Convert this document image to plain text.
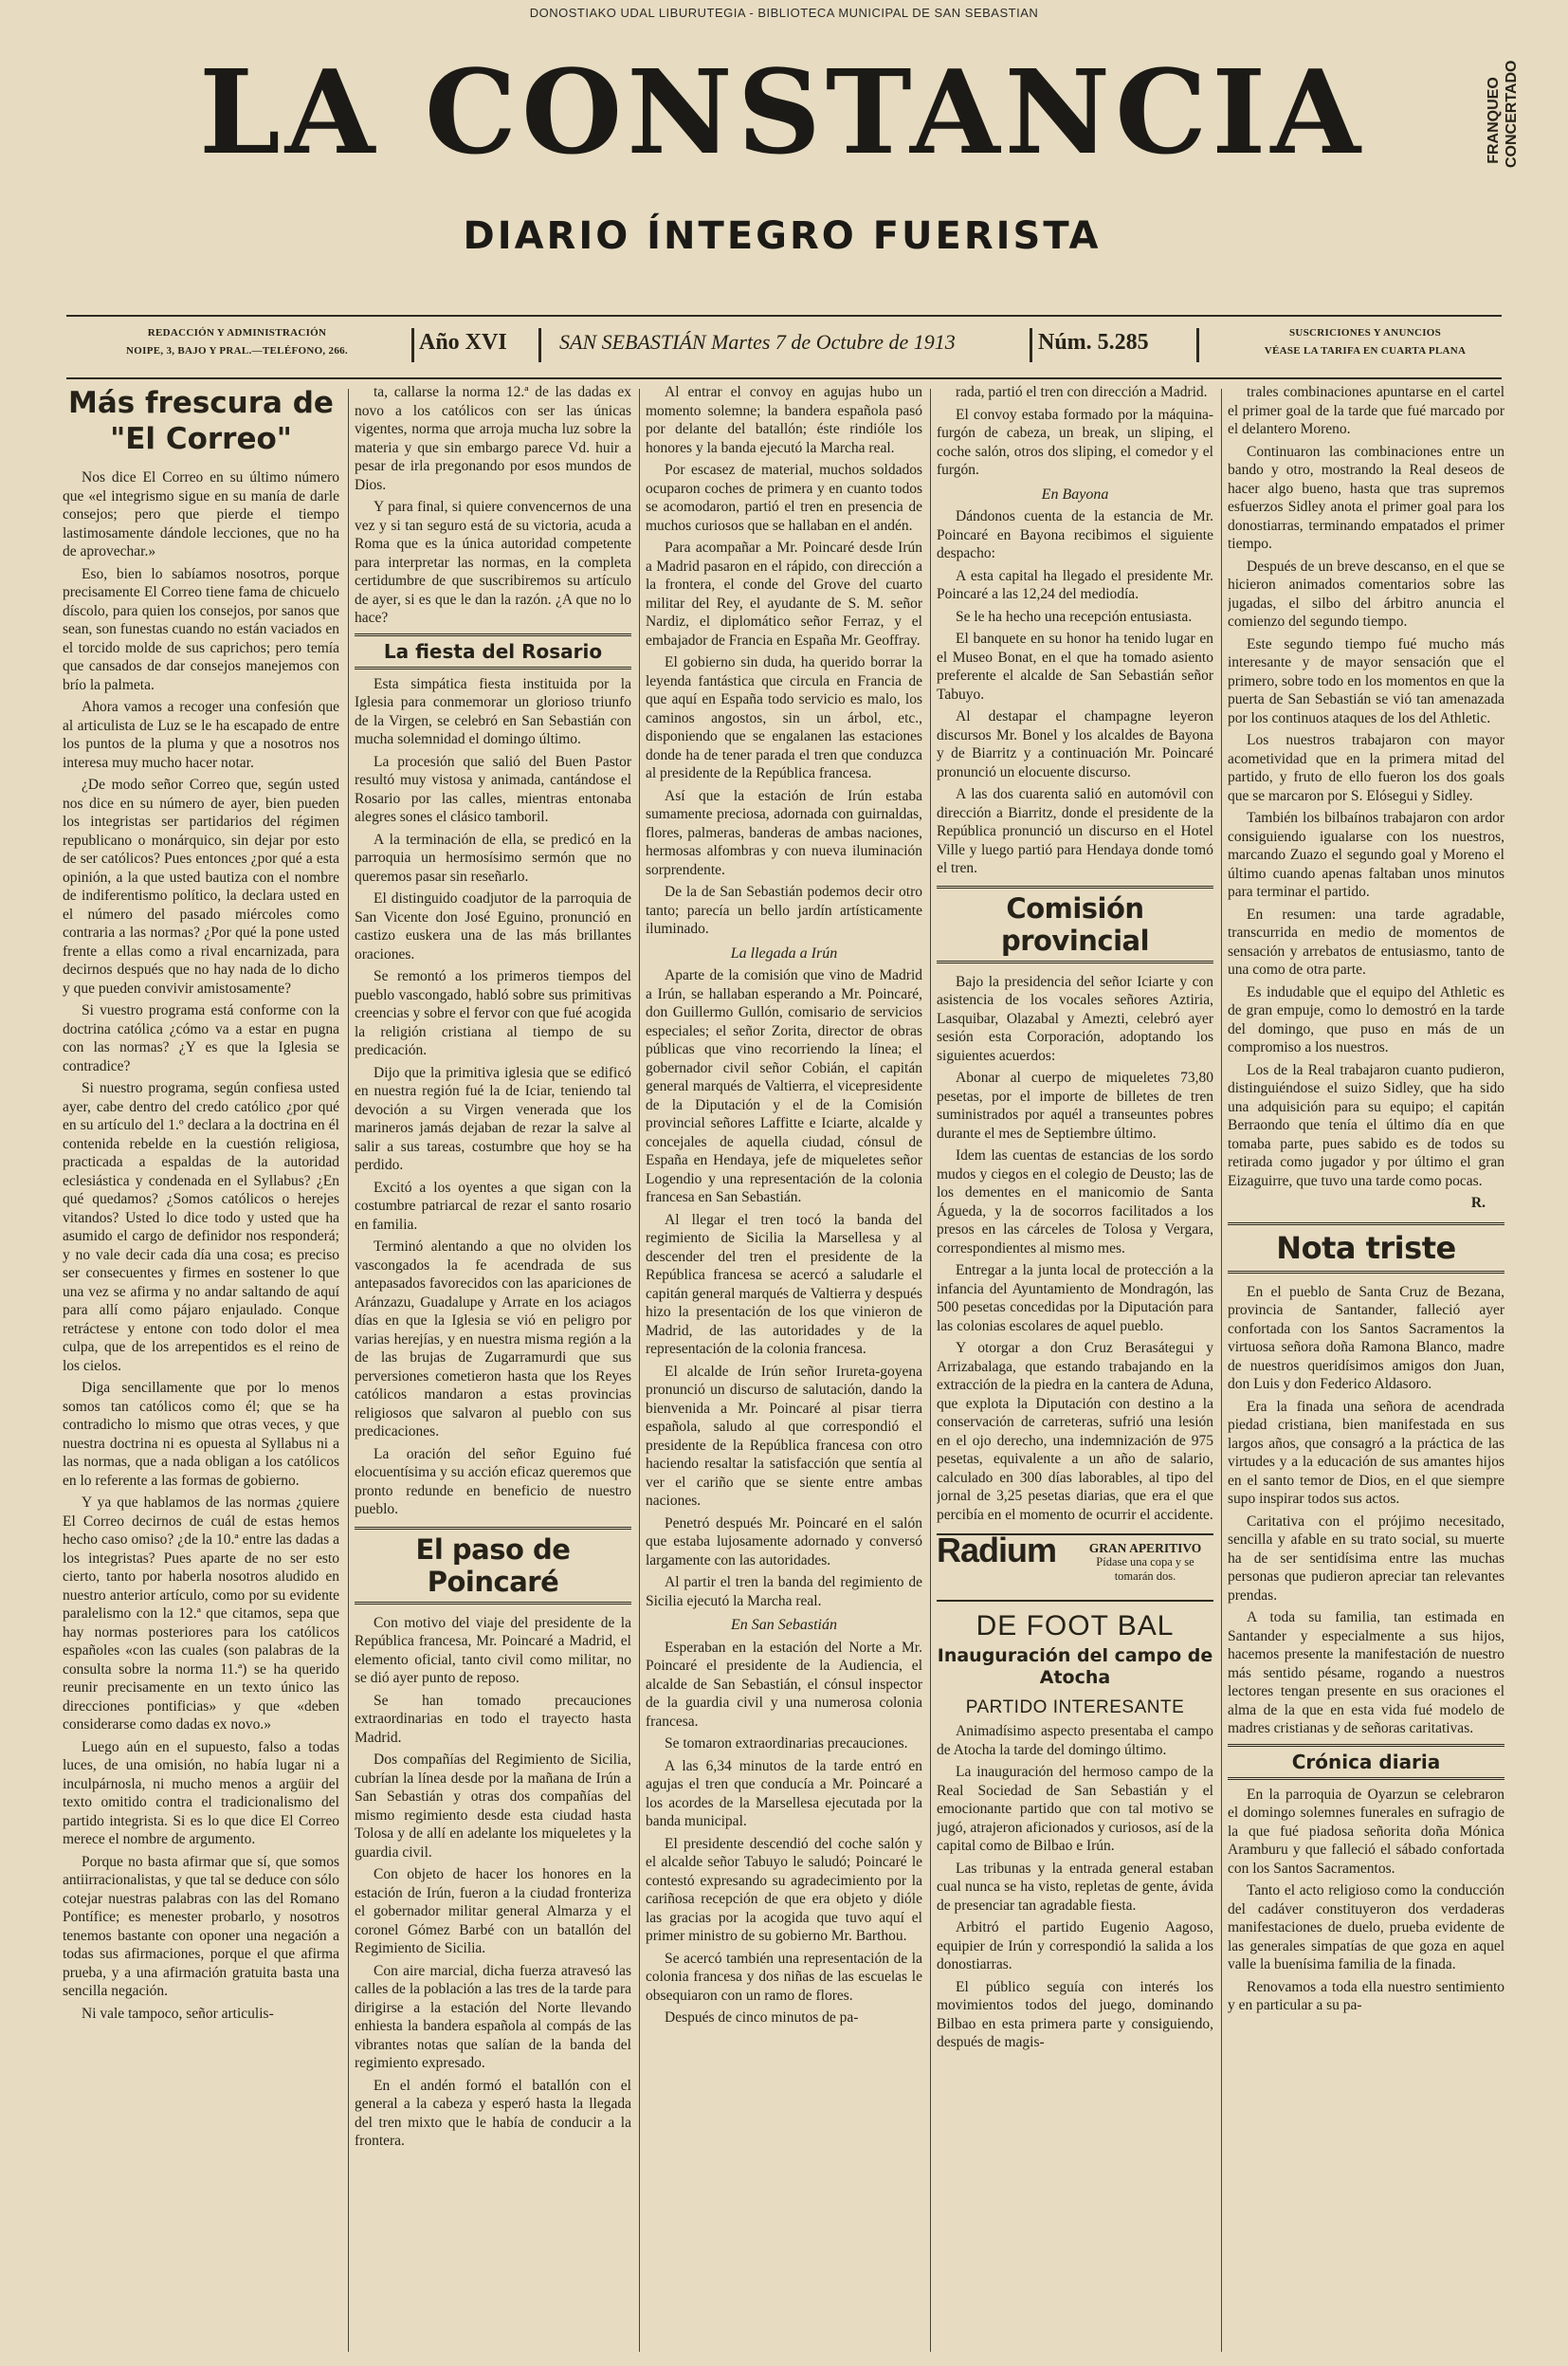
DONOSTIAKO UDAL LIBURUTEGIA - BIBLIOTECA MUNICIPAL DE SAN SEBASTIAN
LA CONSTANCIA
DIARIO ÍNTEGRO FUERISTA
FRANQUEO CONCERTADO
REDACCIÓN Y ADMINISTRACIÓN
NOIPE, 3, BAJO Y PRAL.—TELÉFONO, 266.	Año XVI	SAN SEBASTIÁN Martes 7 de Octubre de 1913	Núm. 5.285	SUSCRICIONES Y ANUNCIOS
VÉASE LA TARIFA EN CUARTA PLANA
Más frescura de "El Correo"

Nos dice El Correo en su último número que «el integrismo sigue en su manía de darle consejos; pero que pierde el tiempo lastimosamente dándole lecciones, que no ha de aprovechar.»

Eso, bien lo sabíamos nosotros, porque precisamente El Correo tiene fama de chicuelo díscolo, para quien los consejos, por sanos que sean, son funestas cuando no están vaciados en el torcido molde de sus caprichos; pero temía que cansados de dar consejos manejemos con brío la palmeta.

Ahora vamos a recoger una confesión que al articulista de Luz se le ha escapado de entre los puntos de la pluma y que a nosotros nos interesa muy mucho hacer notar.

¿De modo señor Correo que, según usted nos dice en su número de ayer, bien pueden los integristas ser partidarios del régimen republicano o monárquico, sin dejar por esto de ser católicos? Pues entonces ¿por qué a esta opinión, a la que usted bautiza con el nombre de indiferentismo político, la declara usted en el número del pasado miércoles como contraria a las normas? ¿Por qué la pone usted frente a ellas como a rival encarnizada, para decirnos después que no hay nada de lo dicho y que pueden convivir amistosamente?

Si vuestro programa está conforme con la doctrina católica ¿cómo va a estar en pugna con las normas? ¿Y es que la Iglesia se contradice?

Si nuestro programa, según confiesa usted ayer, cabe dentro del credo católico ¿por qué en su artículo del 1.º declara a la doctrina en él contenida rebelde en la cuestión religiosa, practicada a espaldas de la autoridad eclesiástica y condenada en el Syllabus? ¿En qué quedamos? ¿Somos católicos o herejes vitandos? Usted lo dice todo y usted que ha asumido el cargo de definidor nos responderá; y no vale decir cada día una cosa; es preciso ser consecuentes y firmes en sostener lo que una vez se afirma y no andar saltando de aquí para allí como pájaro enjaulado. Conque retráctese y entone con todo dolor el mea culpa, que de los arrepentidos es el reino de los cielos.

Diga sencillamente que por lo menos somos tan católicos como él; que se ha contradicho lo mismo que otras veces, y que nuestra doctrina ni es opuesta al Syllabus ni a las normas, que a nada obligan a los católicos en lo referente a las formas de gobierno.

Y ya que hablamos de las normas ¿quiere El Correo decirnos de cuál de estas hemos hecho caso omiso? ¿de la 10.ª entre las dadas a los integristas? Pues aparte de no ser esto cierto, tanto por haberla nosotros aludido en nuestro anterior artículo, como por su evidente paralelismo con la 12.ª que citamos, sepa que hay normas posteriores para los católicos españoles «con las cuales (son palabras de la consulta sobre la norma 11.ª) se ha querido reunir precisamente en un texto único las direcciones pontificias» y que «deben considerarse como dadas ex novo.»

Luego aún en el supuesto, falso a todas luces, de una omisión, no había lugar ni a inculpárnosla, ni mucho menos a argüir del texto omitido contra el tradicionalismo del partido integrista. Si es lo que dice El Correo merece el nombre de argumento.

Porque no basta afirmar que sí, que somos antiirracionalistas, y que tal se deduce con sólo cotejar nuestras palabras con las del Romano Pontífice; es menester probarlo, y nosotros tenemos bastante con oponer una negación a todas sus afirmaciones, porque el que afirma prueba, y a una afirmación gratuita basta una sencilla negación.

Ni vale tampoco, señor articulis-

ta, callarse la norma 12.ª de las dadas ex novo a los católicos con ser las únicas vigentes, norma que arroja mucha luz sobre la materia y que sin embargo parece Vd. huir a pesar de irla pregonando por esos mundos de Dios.

Y para final, si quiere convencernos de una vez y si tan seguro está de su victoria, acuda a Roma que es la única autoridad competente para interpretar las normas, en la completa certidumbre de que suscribiremos su artículo de ayer, si es que le dan la razón. ¿A que no lo hace?

La fiesta del Rosario

Esta simpática fiesta instituida por la Iglesia para conmemorar un glorioso triunfo de la Virgen, se celebró en San Sebastián con mucha solemnidad el domingo último.

La procesión que salió del Buen Pastor resultó muy vistosa y animada, cantándose el Rosario por las calles, mientras entonaba alegres sones el clásico tamboril.

A la terminación de ella, se predicó en la parroquia un hermosísimo sermón que no queremos pasar sin reseñarlo.

El distinguido coadjutor de la parroquia de San Vicente don José Eguino, pronunció en castizo euskera una de las más brillantes oraciones.

Se remontó a los primeros tiempos del pueblo vascongado, habló sobre sus primitivas creencias y sobre el fervor con que fué acogida la religión cristiana al tiempo de su predicación.

Dijo que la primitiva iglesia que se edificó en nuestra región fué la de Iciar, teniendo tal devoción a su Virgen venerada que los marineros jamás dejaban de rezar la salve al salir a sus tareas, costumbre que hoy se ha perdido.

Excitó a los oyentes a que sigan con la costumbre patriarcal de rezar el santo rosario en familia.

Terminó alentando a que no olviden los vascongados la fe acendrada de sus antepasados favorecidos con las apariciones de Aránzazu, Guadalupe y Arrate en los aciagos días en que la Iglesia se vió en peligro por varias herejías, y en nuestra misma región a la de las brujas de Zugarramurdi que sus perversiones cometieron hasta que los Reyes católicos mandaron a estas provincias religiosos que salvaron al pueblo con sus predicaciones.

La oración del señor Eguino fué elocuentísima y su acción eficaz queremos que pronto redunde en beneficio de nuestro pueblo.

El paso de Poincaré

Con motivo del viaje del presidente de la República francesa, Mr. Poincaré a Madrid, el elemento oficial, tanto civil como militar, no se dió ayer punto de reposo.

Se han tomado precauciones extraordinarias en todo el trayecto hasta Madrid.

Dos compañías del Regimiento de Sicilia, cubrían la línea desde por la mañana de Irún a San Sebastián y otras dos compañías del mismo regimiento desde esta ciudad hasta Tolosa y de allí en adelante los miqueletes y la guardia civil.

Con objeto de hacer los honores en la estación de Irún, fueron a la ciudad fronteriza el gobernador militar general Almarza y el coronel Gómez Barbé con un batallón del Regimiento de Sicilia.

Con aire marcial, dicha fuerza atravesó las calles de la población a las tres de la tarde para dirigirse a la estación del Norte llevando enhiesta la bandera española al compás de las vibrantes notas que salían de la banda del regimiento expresado.

En el andén formó el batallón con el general a la cabeza y esperó hasta la llegada del tren mixto que le había de conducir a la frontera.

Al entrar el convoy en agujas hubo un momento solemne; la bandera española pasó por delante del batallón; éste rindióle los honores y la banda ejecutó la Marcha real.

Por escasez de material, muchos soldados ocuparon coches de primera y en cuanto todos se acomodaron, partió el tren en presencia de muchos curiosos que se hallaban en el andén.

Para acompañar a Mr. Poincaré desde Irún a Madrid pasaron en el rápido, con dirección a la frontera, el conde del Grove del cuarto militar del Rey, el ayudante de S. M. señor Nardiz, el diplomático señor Ferraz, y el embajador de Francia en España Mr. Geoffray.

El gobierno sin duda, ha querido borrar la leyenda fantástica que circula en Francia de que aquí en España todo servicio es malo, los caminos angostos, sin un árbol, etc., disponiendo que se engalanen las estaciones donde ha de tener parada el tren que conduzca al presidente de la República francesa.

Así que la estación de Irún estaba sumamente preciosa, adornada con guirnaldas, flores, palmeras, banderas de ambas naciones, hermosas alfombras y con nueva iluminación sorprendente.

De la de San Sebastián podemos decir otro tanto; parecía un bello jardín artísticamente iluminado.

La llegada a Irún

Aparte de la comisión que vino de Madrid a Irún, se hallaban esperando a Mr. Poincaré, don Guillermo Gullón, comisario de servicios especiales; el señor Zorita, director de obras públicas que vino recorriendo la línea; el gobernador civil señor Cobián, el capitán general marqués de Valtierra, el vicepresidente de la Diputación y el de la Comisión provincial señores Laffitte e Iciarte, alcalde y concejales de aquella ciudad, cónsul de España en Hendaya, jefe de miqueletes señor Logendio y una representación de la colonia francesa en San Sebastián.

Al llegar el tren tocó la banda del regimiento de Sicilia la Marsellesa y al descender del tren el presidente de la República francesa se acercó a saludarle el capitán general marqués de Valtierra y después hizo la presentación de los que vinieron de Madrid, de las autoridades y de la representación de la colonia francesa.

El alcalde de Irún señor Irureta-goyena pronunció un discurso de salutación, dando la bienvenida a Mr. Poincaré al pisar tierra española, saludo al que correspondió el presidente de la República francesa con otro haciendo resaltar la satisfacción que sentía al ver el cariño que se siente entre ambas naciones.

Penetró después Mr. Poincaré en el salón que estaba lujosamente adornado y conversó largamente con las autoridades.

Al partir el tren la banda del regimiento de Sicilia ejecutó la Marcha real.

En San Sebastián

Esperaban en la estación del Norte a Mr. Poincaré el presidente de la Audiencia, el alcalde de San Sebastián, el cónsul inspector de la guardia civil y una numerosa colonia francesa.

Se tomaron extraordinarias precauciones.

A las 6,34 minutos de la tarde entró en agujas el tren que conducía a Mr. Poincaré a los acordes de la Marsellesa ejecutada por la banda municipal.

El presidente descendió del coche salón y el alcalde señor Tabuyo le saludó; Poincaré le contestó expresando su agradecimiento por la cariñosa recepción de que era objeto y dióle las gracias por la acogida que tuvo aquí el primer ministro de su gobierno Mr. Barthou.

Se acercó también una representación de la colonia francesa y dos niñas de las escuelas le obsequiaron con un ramo de flores.

Después de cinco minutos de pa-

rada, partió el tren con dirección a Madrid.

El convoy estaba formado por la máquina-furgón de cabeza, un break, un sliping, el coche salón, otros dos sliping, el comedor y el furgón.

En Bayona

Dándonos cuenta de la estancia de Mr. Poincaré en Bayona recibimos el siguiente despacho:

A esta capital ha llegado el presidente Mr. Poincaré a las 12,24 del mediodía.

Se le ha hecho una recepción entusiasta.

El banquete en su honor ha tenido lugar en el Museo Bonat, en el que ha tomado asiento preferente el alcalde de San Sebastián señor Tabuyo.

Al destapar el champagne leyeron discursos Mr. Bonel y los alcaldes de Bayona y de Biarritz y a continuación Mr. Poincaré pronunció un elocuente discurso.

A las dos cuarenta salió en automóvil con dirección a Biarritz, donde el presidente de la República pronunció un discurso en el Hotel Ville y luego partió para Hendaya donde tomó el tren.

Comisión provincial

Bajo la presidencia del señor Iciarte y con asistencia de los vocales señores Aztiria, Lasquibar, Olazabal y Amezti, celebró ayer sesión esta Corporación, adoptando los siguientes acuerdos:

Abonar al cuerpo de miqueletes 73,80 pesetas, por el importe de billetes de tren suministrados por aquél a transeuntes pobres durante el mes de Septiembre último.

Idem las cuentas de estancias de los sordo mudos y ciegos en el colegio de Deusto; las de los dementes en el manicomio de Santa Águeda, y la de socorros facilitados a los presos en las cárceles de Tolosa y Vergara, correspondientes al mismo mes.

Entregar a la junta local de protección a la infancia del Ayuntamiento de Mondragón, las 500 pesetas concedidas por la Diputación para las colonias escolares de aquel pueblo.

Y otorgar a don Cruz Berasátegui y Arrizabalaga, que estando trabajando en la extracción de la piedra en la cantera de Aduna, que explota la Diputación con destino a la conservación de carreteras, sufrió una lesión en el ojo derecho, una indemnización de 975 pesetas, equivalente a un año de salario, calculado en 300 días laborables, al tipo del jornal de 3,25 pesetas diarias, que era el que percibía en el momento de ocurrir el accidente.

Radium	GRAN APERITIVO
Pídase una copa y se tomarán dos.
DE FOOT BAL
Inauguración del campo de Atocha
PARTIDO INTERESANTE

Animadísimo aspecto presentaba el campo de Atocha la tarde del domingo último.

La inauguración del hermoso campo de la Real Sociedad de San Sebastián y el emocionante partido que con tal motivo se jugó, atrajeron aficionados y curiosos, así de la capital como de Bilbao e Irún.

Las tribunas y la entrada general estaban cual nunca se ha visto, repletas de gente, ávida de presenciar tan agradable fiesta.

Arbitró el partido Eugenio Aagoso, equipier de Irún y correspondió la salida a los donostiarras.

El público seguía con interés los movimientos todos del juego, dominando Bilbao en esta primera parte y consiguiendo, después de magis-

trales combinaciones apuntarse en el cartel el primer goal de la tarde que fué marcado por el delantero Moreno.

Continuaron las combinaciones entre un bando y otro, mostrando la Real deseos de hacer algo bueno, hasta que tras supremos esfuerzos Sidley anota el primer goal para los donostiarras, terminando empatados el primer tiempo.

Después de un breve descanso, en el que se hicieron animados comentarios sobre las jugadas, el silbo del árbitro anuncia el comienzo del segundo tiempo.

Este segundo tiempo fué mucho más interesante y de mayor sensación que el primero, sobre todo en los momentos en que la puerta de San Sebastián se vió tan amenazada por los continuos ataques de los del Athletic.

Los nuestros trabajaron con mayor acometividad que en la primera mitad del partido, y fruto de ello fueron los dos goals que se marcaron por S. Elósegui y Sidley.

También los bilbaínos trabajaron con ardor consiguiendo igualarse con los nuestros, marcando Zuazo el segundo goal y Moreno el último cuando apenas faltaban unos minutos para terminar el partido.

En resumen: una tarde agradable, transcurrida en medio de momentos de sensación y arrebatos de entusiasmo, tanto de una como de otra parte.

Es indudable que el equipo del Athletic es de gran empuje, como lo demostró en la tarde del domingo, que puso en más de un compromiso a los nuestros.

Los de la Real trabajaron cuanto pudieron, distinguiéndose el suizo Sidley, que ha sido una adquisición para su equipo; el capitán Berraondo que tenía el último día en que tomaba parte, pues sabido es de todos su retirada como jugador y por último el gran Eizaguirre, que tuvo una tarde como pocas.

R.
Nota triste

En el pueblo de Santa Cruz de Bezana, provincia de Santander, falleció ayer confortada con los Santos Sacramentos la virtuosa señora doña Ramona Blanco, madre de nuestros queridísimos amigos don Juan, don Luis y don Federico Aldasoro.

Era la finada una señora de acendrada piedad cristiana, bien manifestada en sus largos años, que consagró a la práctica de las virtudes y a la educación de sus amantes hijos en el santo temor de Dios, en el que siempre supo inspirar todos sus actos.

Caritativa con el prójimo necesitado, sencilla y afable en su trato social, su muerte ha de ser sentidísima entre las muchas personas que pudieron apreciar tan relevantes prendas.

A toda su familia, tan estimada en Santander y especialmente a sus hijos, hacemos presente la manifestación de nuestro más sentido pésame, rogando a nuestros lectores tengan presente en sus oraciones el alma de la que en esta vida fué modelo de madres cristianas y de señoras caritativas.

Crónica diaria

En la parroquia de Oyarzun se celebraron el domingo solemnes funerales en sufragio de la que fué piadosa señorita doña Mónica Aramburu y que falleció el sábado confortada con los Santos Sacramentos.

Tanto el acto religioso como la conducción del cadáver constituyeron dos verdaderas manifestaciones de duelo, prueba evidente de las generales simpatías de que goza en aquel valle la buenísima familia de la finada.

Renovamos a toda ella nuestro sentimiento y en particular a su pa-
